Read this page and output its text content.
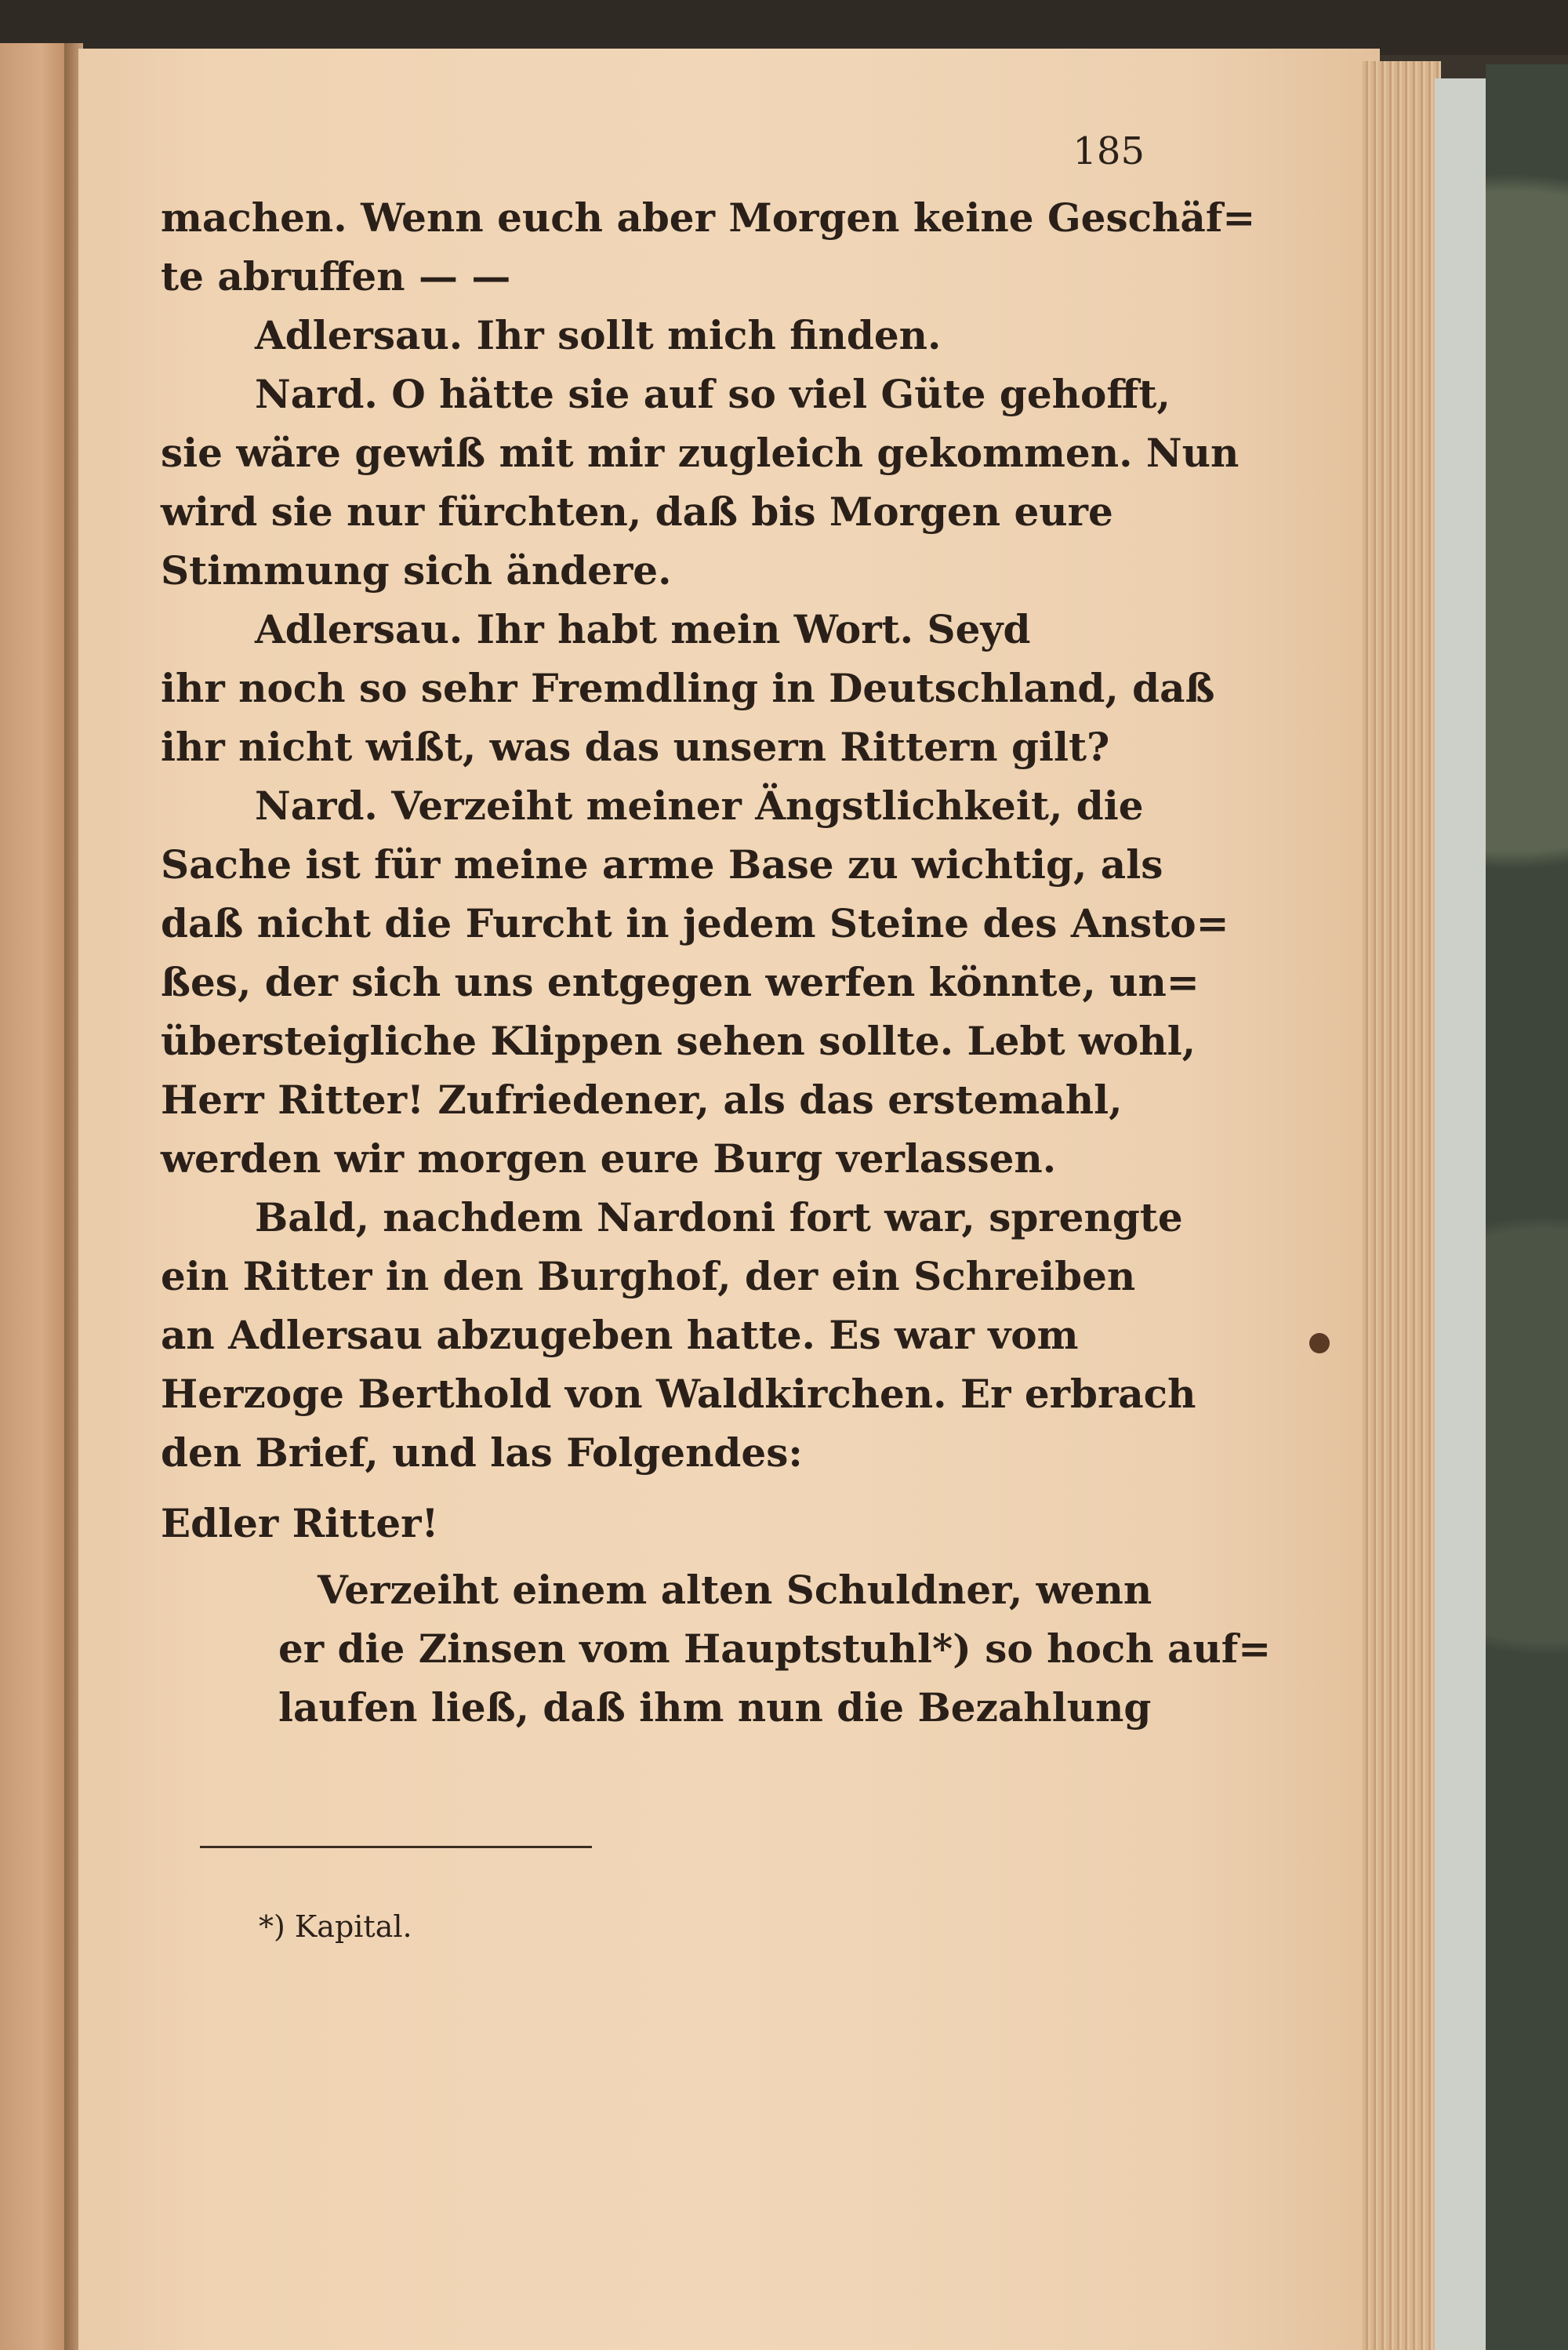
185
machen. Wenn euch aber Morgen keine Geschäf=
te abruffen — —
Adlersau. Ihr sollt mich finden.
Nard. O hätte sie auf so viel Güte gehofft,
sie wäre gewiß mit mir zugleich gekommen. Nun
wird sie nur fürchten, daß bis Morgen eure
Stimmung sich ändere.
Adlersau. Ihr habt mein Wort. Seyd
ihr noch so sehr Fremdling in Deutschland, daß
ihr nicht wißt, was das unsern Rittern gilt?
Nard. Verzeiht meiner Ängstlichkeit, die
Sache ist für meine arme Base zu wichtig, als
daß nicht die Furcht in jedem Steine des Ansto=
ßes, der sich uns entgegen werfen könnte, un=
übersteigliche Klippen sehen sollte. Lebt wohl,
Herr Ritter! Zufriedener, als das erstemahl,
werden wir morgen eure Burg verlassen.
Bald, nachdem Nardoni fort war, sprengte
ein Ritter in den Burghof, der ein Schreiben
an Adlersau abzugeben hatte. Es war vom
Herzoge Berthold von Waldkirchen. Er erbrach
den Brief, und las Folgendes:
Edler Ritter!
Verzeiht einem alten Schuldner, wenn
er die Zinsen vom Hauptstuhl*) so hoch auf=
laufen ließ, daß ihm nun die Bezahlung
*) Kapital.
